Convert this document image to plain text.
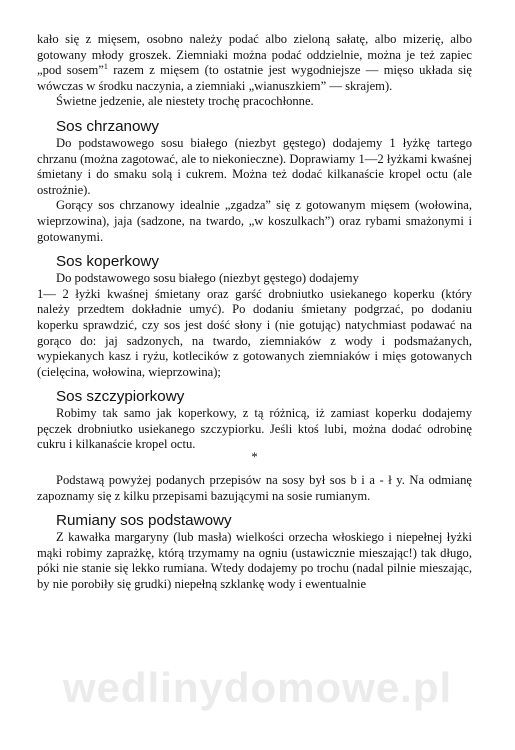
kało się z mięsem, osobno należy podać albo zieloną sałatę, albo mizerię, albo gotowany młody groszek. Ziemniaki można podać oddzielnie, można je też zapiec „pod sosem”$^1$ razem z mięsem (to ostatnie jest wygodniejsze — mięso układa się wówczas w środku naczynia, a ziemniaki „wianuszkiem” — skrajem).

Świetne jedzenie, ale niestety trochę pracochłonne.

Sos chrzanowy

Do podstawowego sosu białego (niezbyt gęstego) dodajemy 1 łyżkę tartego chrzanu (można zagotować, ale to niekonieczne). Doprawiamy 1—2 łyżkami kwaśnej śmietany i do smaku solą i cukrem. Można też dodać kilkanaście kropel octu (ale ostrożnie).

Gorący sos chrzanowy idealnie „zgadza” się z gotowanym mięsem (wołowina, wieprzowina), jaja (sadzone, na twardo, „w koszulkach”) oraz rybami smażonymi i gotowanymi.

Sos koperkowy

Do podstawowego sosu białego (niezbyt gęstego) dodajemy

1— 2 łyżki kwaśnej śmietany oraz garść drobniutko usiekanego koperku (który należy przedtem dokładnie umyć). Po dodaniu śmietany podgrzać, po dodaniu koperku sprawdzić, czy sos jest dość słony i (nie gotując) natychmiast podawać na gorąco do: jaj sadzonych, na twardo, ziemniaków z wody i podsmażanych, wypiekanych kasz i ryżu, kotlecików z gotowanych ziemniaków i mięs gotowanych (cielęcina, wołowina, wieprzowina);

Sos szczypiorkowy

Robimy tak samo jak koperkowy, z tą różnicą, iż zamiast koperku dodajemy pęczek drobniutko usiekanego szczypiorku. Jeśli ktoś lubi, można dodać odrobinę cukru i kilkanaście kropel octu.

*

Podstawą powyżej podanych przepisów na sosy był sos b i a - ł y. Na odmianę zapoznamy się z kilku przepisami bazującymi na sosie rumianym.

Rumiany sos podstawowy

Z kawałka margaryny (lub masła) wielkości orzecha włoskiego i niepełnej łyżki mąki robimy zaprażkę, którą trzymamy na ogniu (ustawicznie mieszając!) tak długo, póki nie stanie się lekko rumiana. Wtedy dodajemy po trochu (nadal pilnie mieszając, by nie porobiły się grudki) niepełną szklankę wody i ewentualnie

wedlinydomowe.pl
